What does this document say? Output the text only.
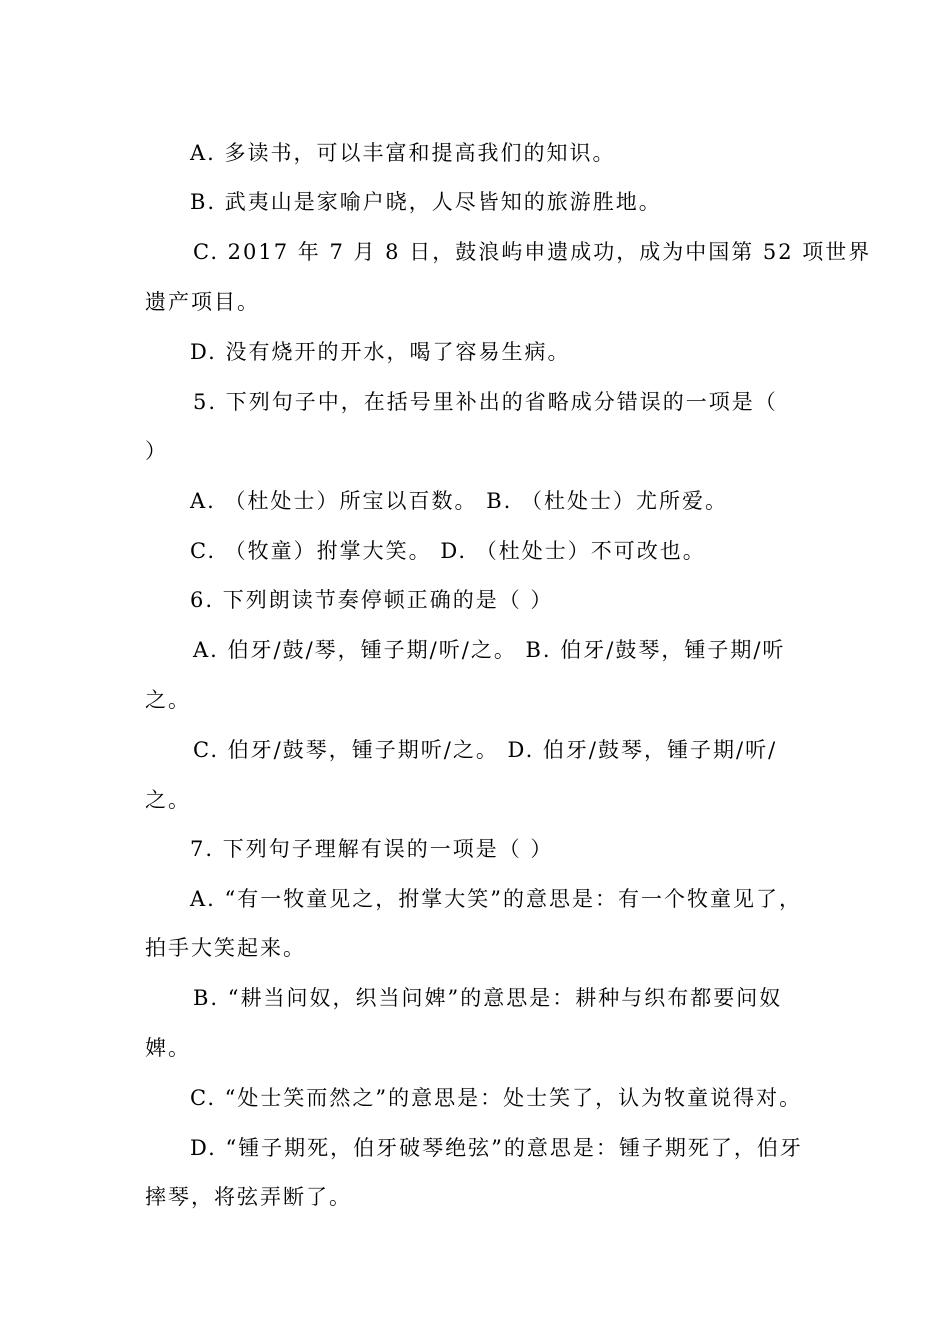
A. 多读书，可以丰富和提高我们的知识。
B. 武夷山是家喻户晓，人尽皆知的旅游胜地。
C. 2017 年 7 月 8 日，鼓浪屿申遗成功，成为中国第 52 项世界
遗产项目。
D. 没有烧开的开水，喝了容易生病。
5. 下列句子中，在括号里补出的省略成分错误的一项是（
）
A. （杜处士）所宝以百数。 B. （杜处士）尤所爱。
C. （牧童）拊掌大笑。 D. （杜处士）不可改也。
6. 下列朗读节奏停顿正确的是（ ）
A. 伯牙/鼓/琴，锺子期/听/之。 B. 伯牙/鼓琴，锺子期/听
之。
C. 伯牙/鼓琴，锺子期听/之。 D. 伯牙/鼓琴，锺子期/听/
之。
7. 下列句子理解有误的一项是（ ）
A. “有一牧童见之，拊掌大笑”的意思是：有一个牧童见了，
拍手大笑起来。
B. “耕当问奴，织当问婢”的意思是：耕种与织布都要问奴
婢。
C. “处士笑而然之”的意思是：处士笑了，认为牧童说得对。
D. “锺子期死，伯牙破琴绝弦”的意思是：锺子期死了，伯牙
摔琴，将弦弄断了。
